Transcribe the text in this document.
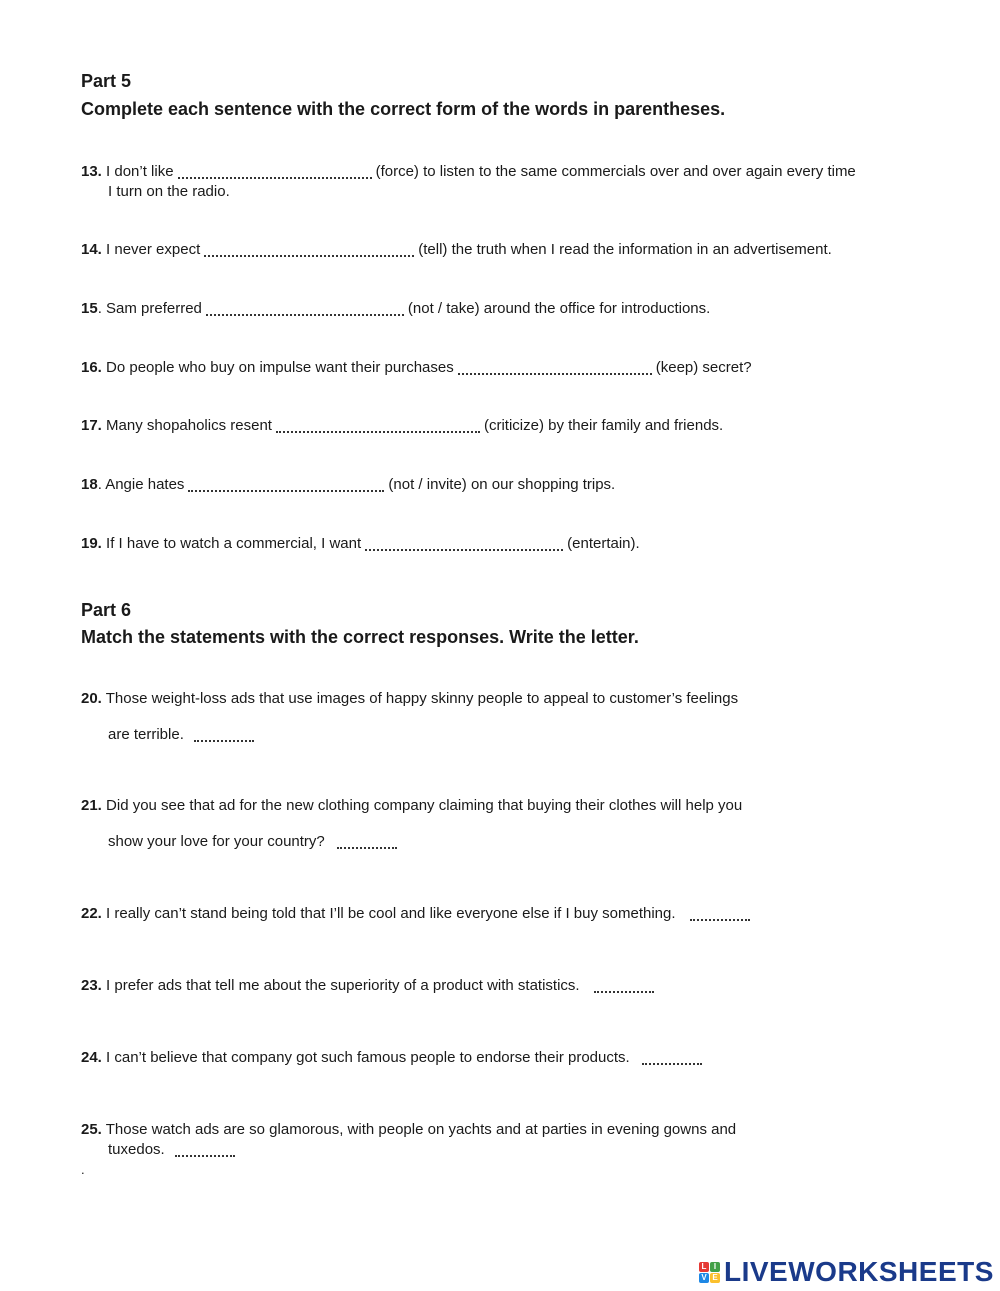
Part 5
Complete each sentence with the correct form of the words in parentheses.
13. I don’t like	(force) to listen to the same commercials over and over again every time
I turn on the radio.
14. I never expect	(tell) the truth when I read the information in an advertisement.
15. Sam preferred	(not / take) around the office for introductions.
16. Do people who buy on impulse want their purchases	(keep) secret?
17. Many shopaholics resent	(criticize) by their family and friends.
18. Angie hates	(not / invite) on our shopping trips.
19. If I have to watch a commercial, I want	(entertain).
Part 6
Match the statements with the correct responses. Write the letter.
20. Those weight-loss ads that use images of happy skinny people to appeal to customer’s feelings
are terrible.
21. Did you see that ad for the new clothing company claiming that buying their clothes will help you
show your love for your country?
22. I really can’t stand being told that I’ll be cool and like everyone else if I buy something.
23. I prefer ads that tell me about the superiority of a product with statistics.
24. I can’t believe that company got such famous people to endorse their products.
25. Those watch ads are so glamorous, with people on yachts and at parties in evening gowns and
tuxedos.
.
L I
V E LIVEWORKSHEETS
